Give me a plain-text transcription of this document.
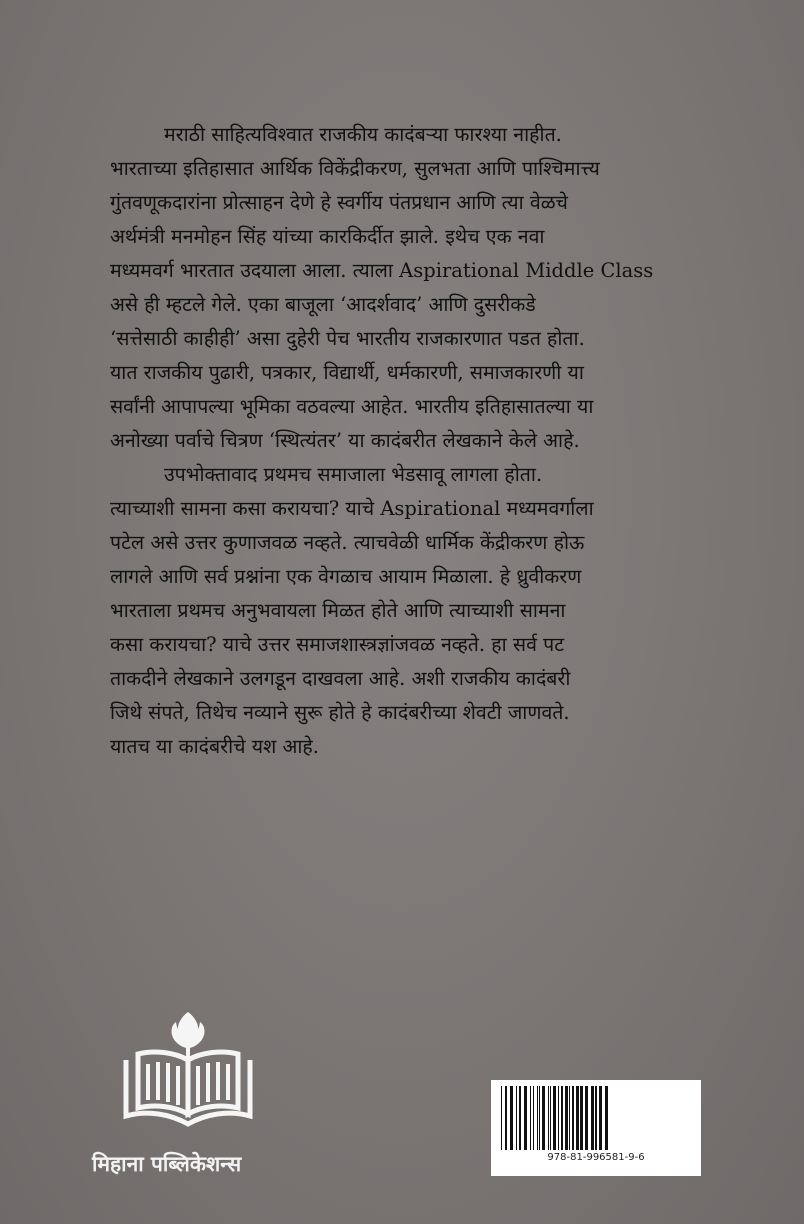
मराठी साहित्यविश्वात राजकीय कादंबऱ्या फारश्या नाहीत.
भारताच्या इतिहासात आर्थिक विकेंद्रीकरण, सुलभता आणि पाश्चिमात्त्य
गुंतवणूकदारांना प्रोत्साहन देणे हे स्वर्गीय पंतप्रधान आणि त्या वेळचे
अर्थमंत्री मनमोहन सिंह यांच्या कारकिर्दीत झाले. इथेच एक नवा
मध्यमवर्ग भारतात उदयाला आला. त्याला Aspirational Middle Class
असे ही म्हटले गेले. एका बाजूला ‘आदर्शवाद’ आणि दुसरीकडे
‘सत्तेसाठी काहीही’ असा दुहेरी पेच भारतीय राजकारणात पडत होता.
यात राजकीय पुढारी, पत्रकार, विद्यार्थी, धर्मकारणी, समाजकारणी या
सर्वांनी आपापल्या भूमिका वठवल्या आहेत. भारतीय इतिहासातल्या या
अनोख्या पर्वाचे चित्रण ‘स्थित्यंतर’ या कादंबरीत लेखकाने केले आहे.

उपभोक्तावाद प्रथमच समाजाला भेडसावू लागला होता.
त्याच्याशी सामना कसा करायचा? याचे Aspirational मध्यमवर्गाला
पटेल असे उत्तर कुणाजवळ नव्हते. त्याचवेळी धार्मिक केंद्रीकरण होऊ
लागले आणि सर्व प्रश्नांना एक वेगळाच आयाम मिळाला. हे ध्रुवीकरण
भारताला प्रथमच अनुभवायला मिळत होते आणि त्याच्याशी सामना
कसा करायचा? याचे उत्तर समाजशास्त्रज्ञांजवळ नव्हते. हा सर्व पट
ताकदीने लेखकाने उलगडून दाखवला आहे. अशी राजकीय कादंबरी
जिथे संपते, तिथेच नव्याने सुरू होते हे कादंबरीच्या शेवटी जाणवते.
यातच या कादंबरीचे यश आहे.

मिहाना पब्लिकेशन्स	978-81-996581-9-6
